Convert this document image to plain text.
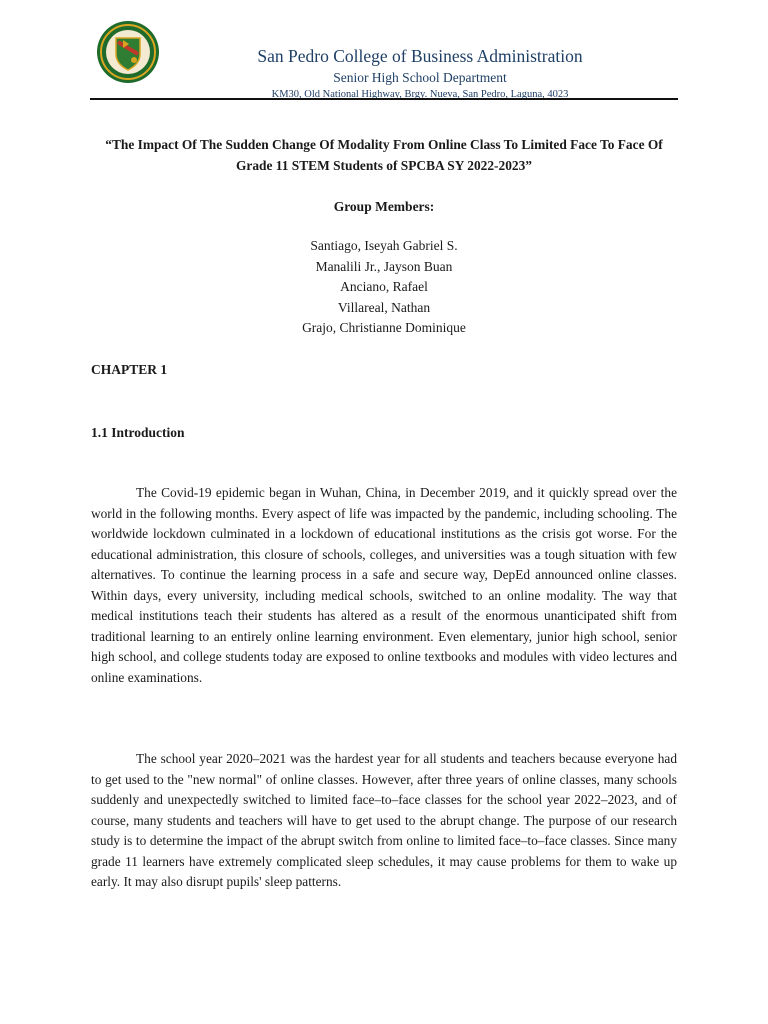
San Pedro College of Business Administration
Senior High School Department
KM30, Old National Highway, Brgy. Nueva, San Pedro, Laguna, 4023
“The Impact Of The Sudden Change Of Modality From Online Class To Limited Face To Face Of Grade 11 STEM Students of SPCBA SY 2022-2023”
Group Members:
Santiago, Iseyah Gabriel S.
Manalili Jr., Jayson Buan
Anciano, Rafael
Villareal, Nathan
Grajo, Christianne Dominique
CHAPTER 1
1.1 Introduction

The Covid-19 epidemic began in Wuhan, China, in December 2019, and it quickly spread over the world in the following months. Every aspect of life was impacted by the pandemic, including schooling. The worldwide lockdown culminated in a lockdown of educational institutions as the crisis got worse. For the educational administration, this closure of schools, colleges, and universities was a tough situation with few alternatives. To continue the learning process in a safe and secure way, DepEd announced online classes. Within days, every university, including medical schools, switched to an online modality. The way that medical institutions teach their students has altered as a result of the enormous unanticipated shift from traditional learning to an entirely online learning environment. Even elementary, junior high school, senior high school, and college students today are exposed to online textbooks and modules with video lectures and online examinations.

The school year 2020–2021 was the hardest year for all students and teachers because everyone had to get used to the "new normal" of online classes. However, after three years of online classes, many schools suddenly and unexpectedly switched to limited face–to–face classes for the school year 2022–2023, and of course, many students and teachers will have to get used to the abrupt change. The purpose of our research study is to determine the impact of the abrupt switch from online to limited face–to–face classes. Since many grade 11 learners have extremely complicated sleep schedules, it may cause problems for them to wake up early. It may also disrupt pupils' sleep patterns.
